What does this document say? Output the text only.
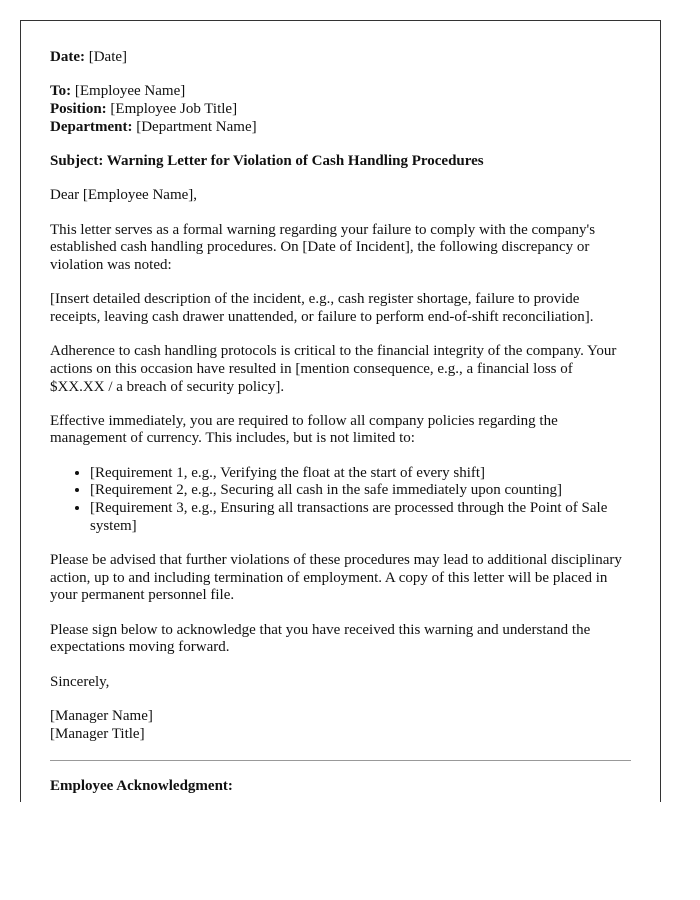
Date: [Date]

To: [Employee Name]
Position: [Employee Job Title]
Department: [Department Name]

Subject: Warning Letter for Violation of Cash Handling Procedures

Dear [Employee Name],

This letter serves as a formal warning regarding your failure to comply with the company's established cash handling procedures. On [Date of Incident], the following discrepancy or violation was noted:

[Insert detailed description of the incident, e.g., cash register shortage, failure to provide receipts, leaving cash drawer unattended, or failure to perform end-of-shift reconciliation].

Adherence to cash handling protocols is critical to the financial integrity of the company. Your actions on this occasion have resulted in [mention consequence, e.g., a financial loss of $XX.XX / a breach of security policy].

Effective immediately, you are required to follow all company policies regarding the management of currency. This includes, but is not limited to:

• [Requirement 1, e.g., Verifying the float at the start of every shift]
• [Requirement 2, e.g., Securing all cash in the safe immediately upon counting]
• [Requirement 3, e.g., Ensuring all transactions are processed through the Point of Sale system]

Please be advised that further violations of these procedures may lead to additional disciplinary action, up to and including termination of employment. A copy of this letter will be placed in your permanent personnel file.

Please sign below to acknowledge that you have received this warning and understand the expectations moving forward.

Sincerely,

[Manager Name]
[Manager Title]

Employee Acknowledgment:
